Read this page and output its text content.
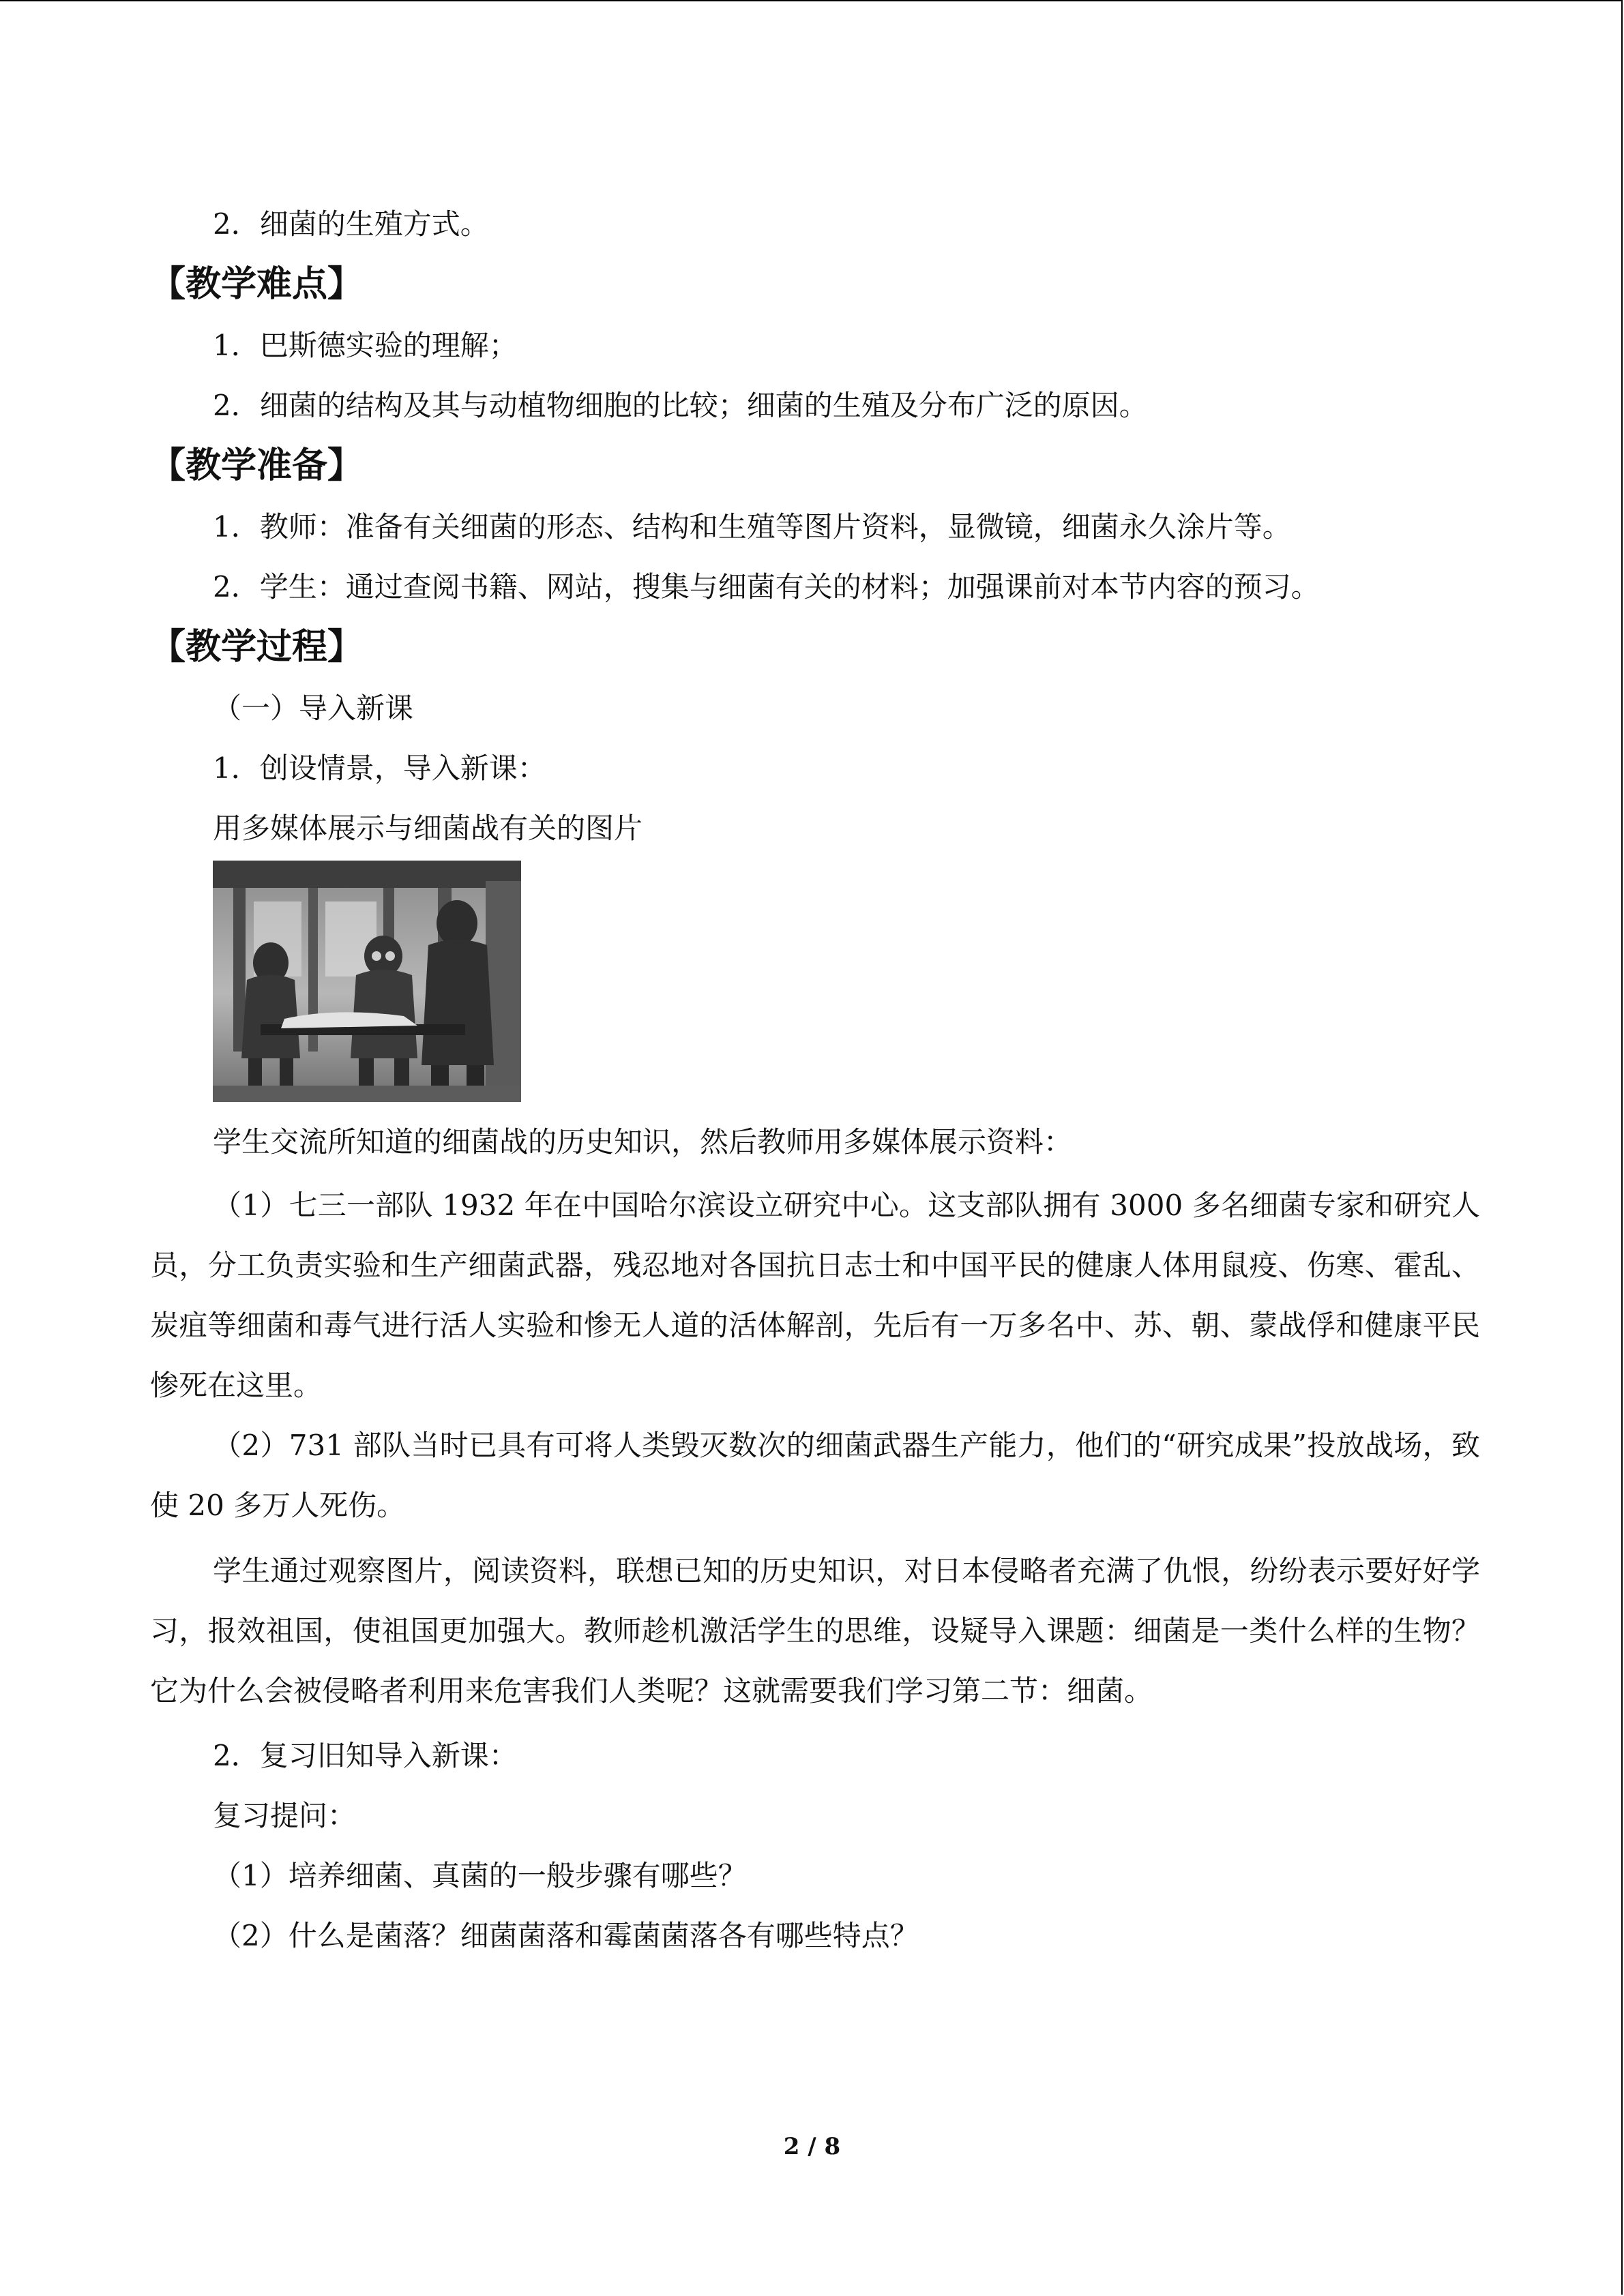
2．细菌的生殖方式。

【教学难点】

1．巴斯德实验的理解；

2．细菌的结构及其与动植物细胞的比较；细菌的生殖及分布广泛的原因。

【教学准备】

1．教师：准备有关细菌的形态、结构和生殖等图片资料，显微镜，细菌永久涂片等。

2．学生：通过查阅书籍、网站，搜集与细菌有关的材料；加强课前对本节内容的预习。

【教学过程】

（一）导入新课

1．创设情景，导入新课：

用多媒体展示与细菌战有关的图片

学生交流所知道的细菌战的历史知识，然后教师用多媒体展示资料：

（1）七三一部队 1932 年在中国哈尔滨设立研究中心。这支部队拥有 3000 多名细菌专家和研究人员，分工负责实验和生产细菌武器，残忍地对各国抗日志士和中国平民的健康人体用鼠疫、伤寒、霍乱、炭疽等细菌和毒气进行活人实验和惨无人道的活体解剖，先后有一万多名中、苏、朝、蒙战俘和健康平民惨死在这里。

（2）731 部队当时已具有可将人类毁灭数次的细菌武器生产能力，他们的“研究成果”投放战场，致使 20 多万人死伤。

学生通过观察图片，阅读资料，联想已知的历史知识，对日本侵略者充满了仇恨，纷纷表示要好好学习，报效祖国，使祖国更加强大。教师趁机激活学生的思维，设疑导入课题：细菌是一类什么样的生物？它为什么会被侵略者利用来危害我们人类呢？这就需要我们学习第二节：细菌。

2．复习旧知导入新课：

复习提问：

（1）培养细菌、真菌的一般步骤有哪些？

（2）什么是菌落？细菌菌落和霉菌菌落各有哪些特点？

2 / 8
